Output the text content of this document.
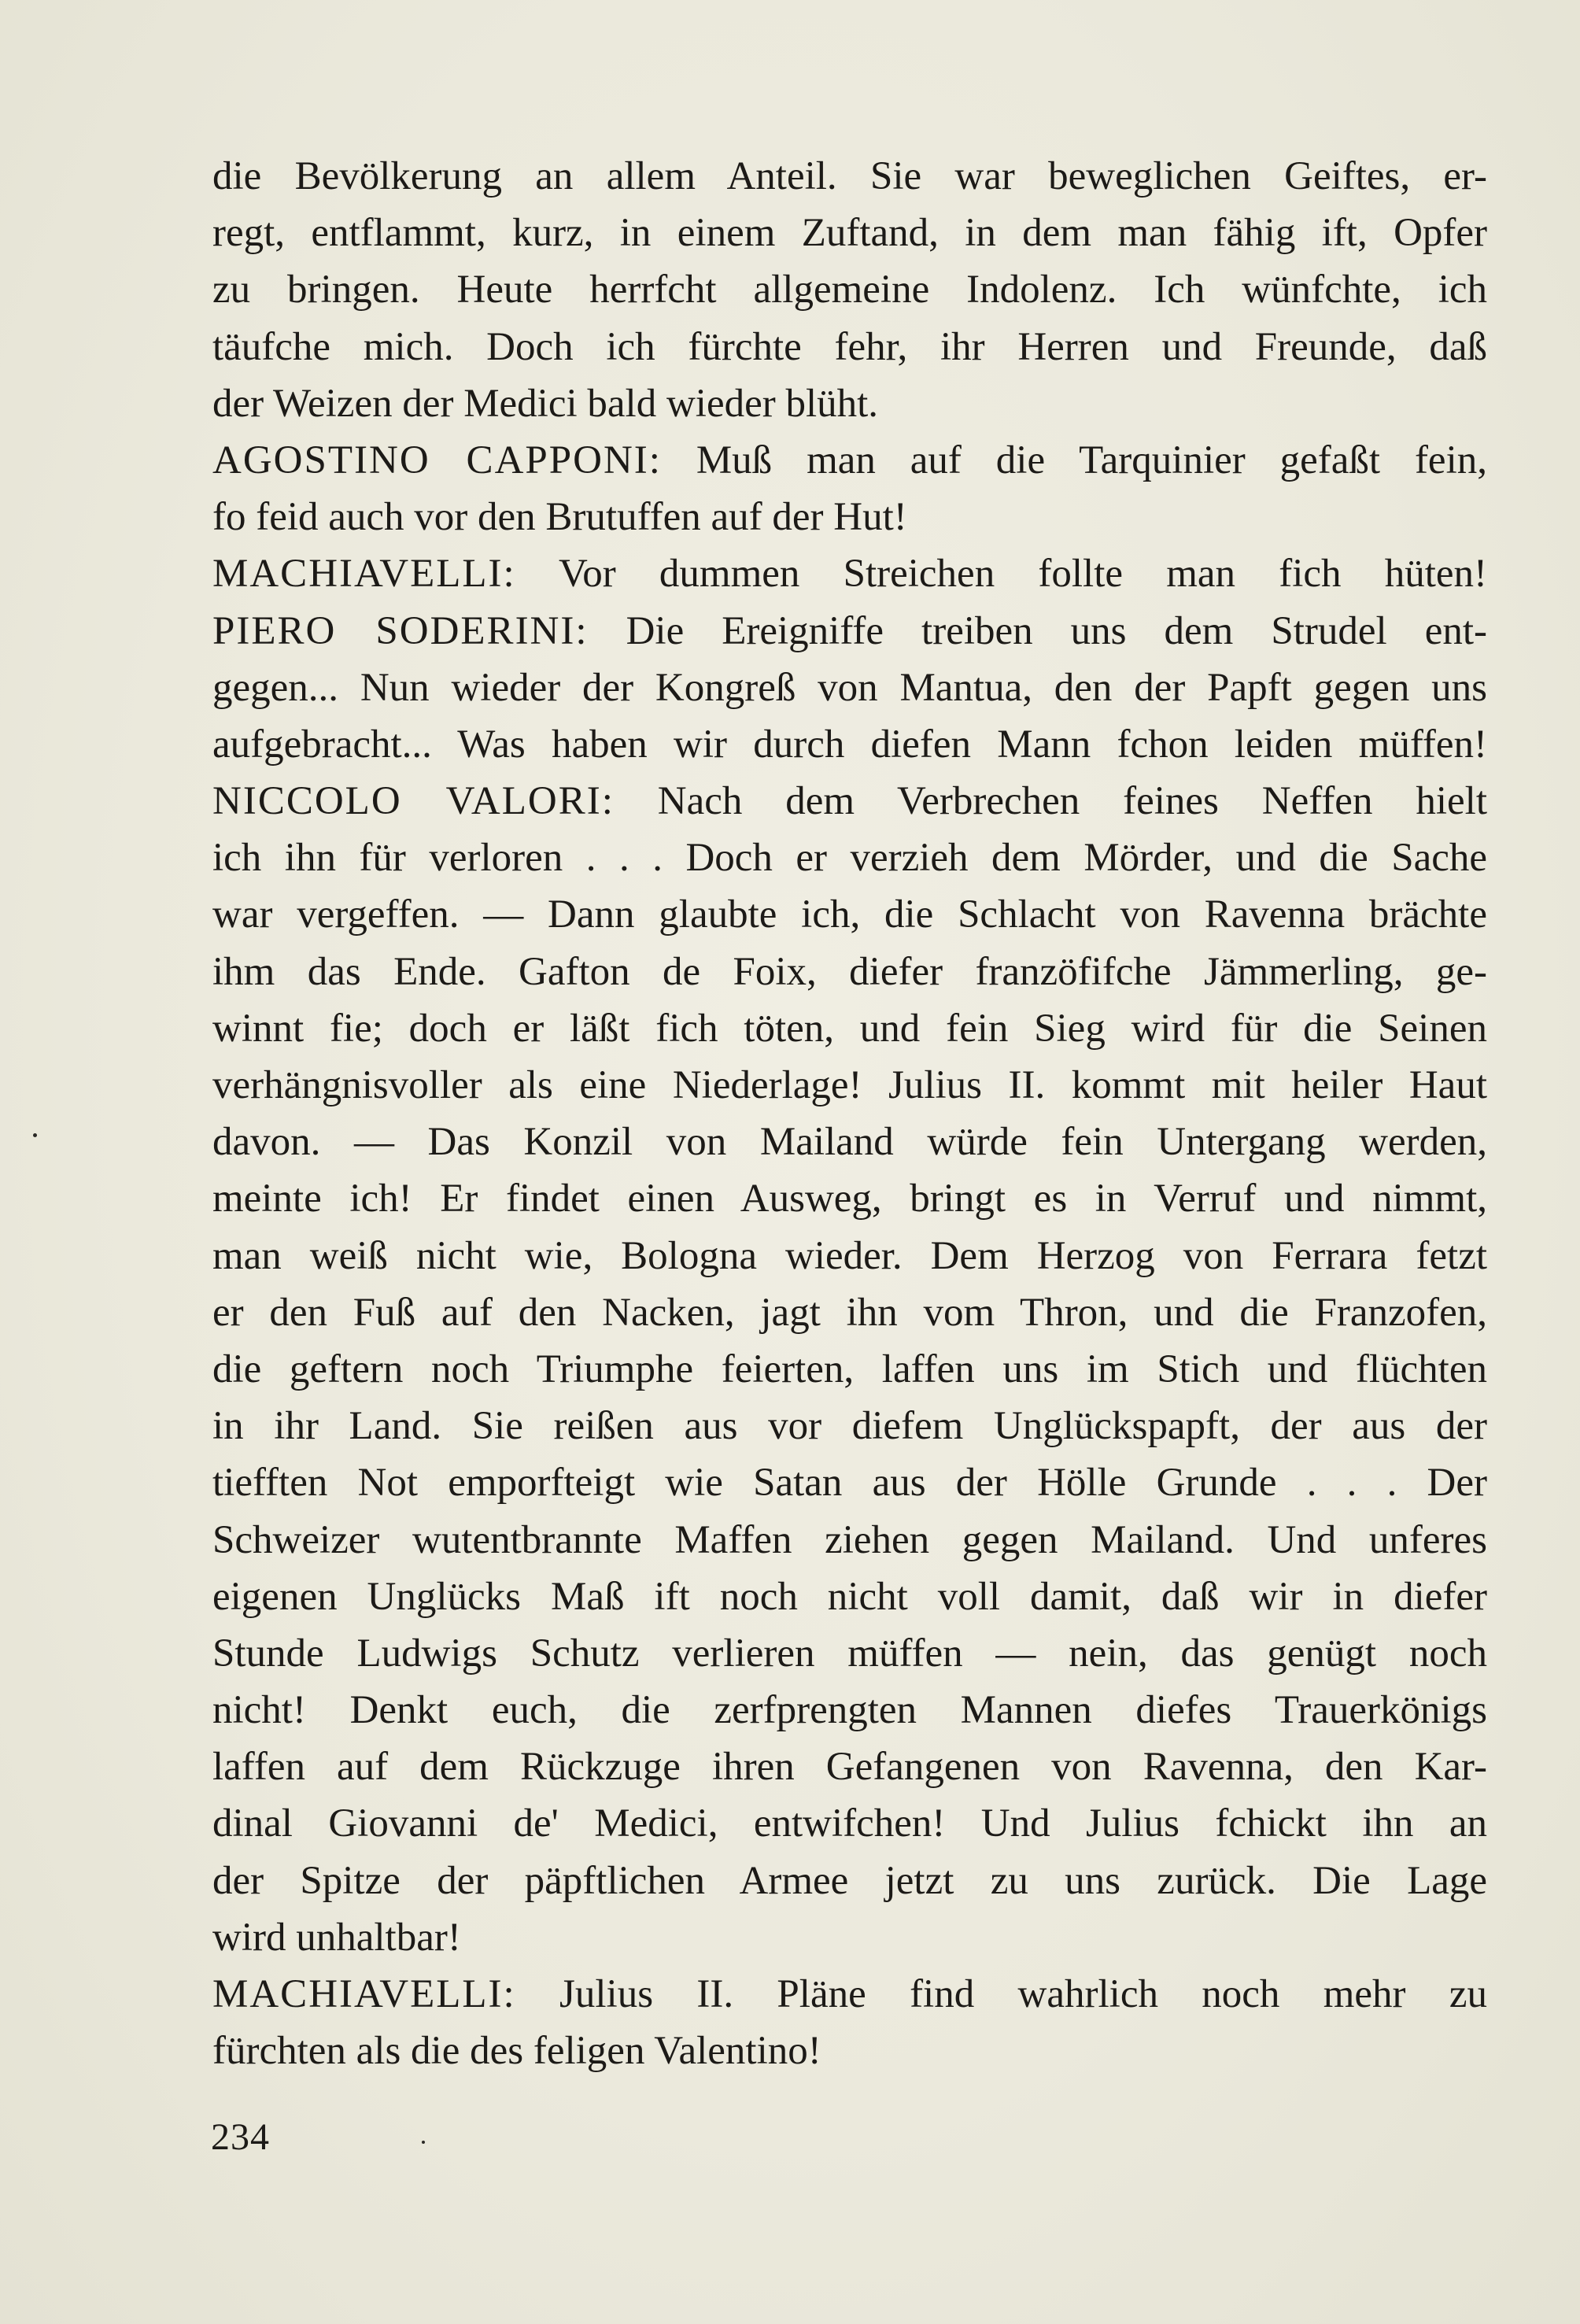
die Bevölkerung an allem Anteil. Sie war beweglichen Geiftes, er-
regt, entflammt, kurz, in einem Zuftand, in dem man fähig ift, Opfer
zu bringen. Heute herrfcht allgemeine Indolenz. Ich wünfchte, ich
täufche mich. Doch ich fürchte fehr, ihr Herren und Freunde, daß
der Weizen der Medici bald wieder blüht.
AGOSTINO CAPPONI: Muß man auf die Tarquinier gefaßt fein,
fo feid auch vor den Brutuffen auf der Hut!
MACHIAVELLI: Vor dummen Streichen follte man fich hüten!
PIERO SODERINI: Die Ereigniffe treiben uns dem Strudel ent-
gegen... Nun wieder der Kongreß von Mantua, den der Papft gegen uns
aufgebracht... Was haben wir durch diefen Mann fchon leiden müffen!
NICCOLO VALORI: Nach dem Verbrechen feines Neffen hielt
ich ihn für verloren . . . Doch er verzieh dem Mörder, und die Sache
war vergeffen. — Dann glaubte ich, die Schlacht von Ravenna brächte
ihm das Ende. Gafton de Foix, diefer franzöfifche Jämmerling, ge-
winnt fie; doch er läßt fich töten, und fein Sieg wird für die Seinen
verhängnisvoller als eine Niederlage! Julius II. kommt mit heiler Haut
davon. — Das Konzil von Mailand würde fein Untergang werden,
meinte ich! Er findet einen Ausweg, bringt es in Verruf und nimmt,
man weiß nicht wie, Bologna wieder. Dem Herzog von Ferrara fetzt
er den Fuß auf den Nacken, jagt ihn vom Thron, und die Franzofen,
die geftern noch Triumphe feierten, laffen uns im Stich und flüchten
in ihr Land. Sie reißen aus vor diefem Unglückspapft, der aus der
tiefften Not emporfteigt wie Satan aus der Hölle Grunde . . . Der
Schweizer wutentbrannte Maffen ziehen gegen Mailand. Und unferes
eigenen Unglücks Maß ift noch nicht voll damit, daß wir in diefer
Stunde Ludwigs Schutz verlieren müffen — nein, das genügt noch
nicht! Denkt euch, die zerfprengten Mannen diefes Trauerkönigs
laffen auf dem Rückzuge ihren Gefangenen von Ravenna, den Kar-
dinal Giovanni de' Medici, entwifchen! Und Julius fchickt ihn an
der Spitze der päpftlichen Armee jetzt zu uns zurück. Die Lage
wird unhaltbar!
MACHIAVELLI: Julius II. Pläne find wahrlich noch mehr zu
fürchten als die des feligen Valentino!
234
